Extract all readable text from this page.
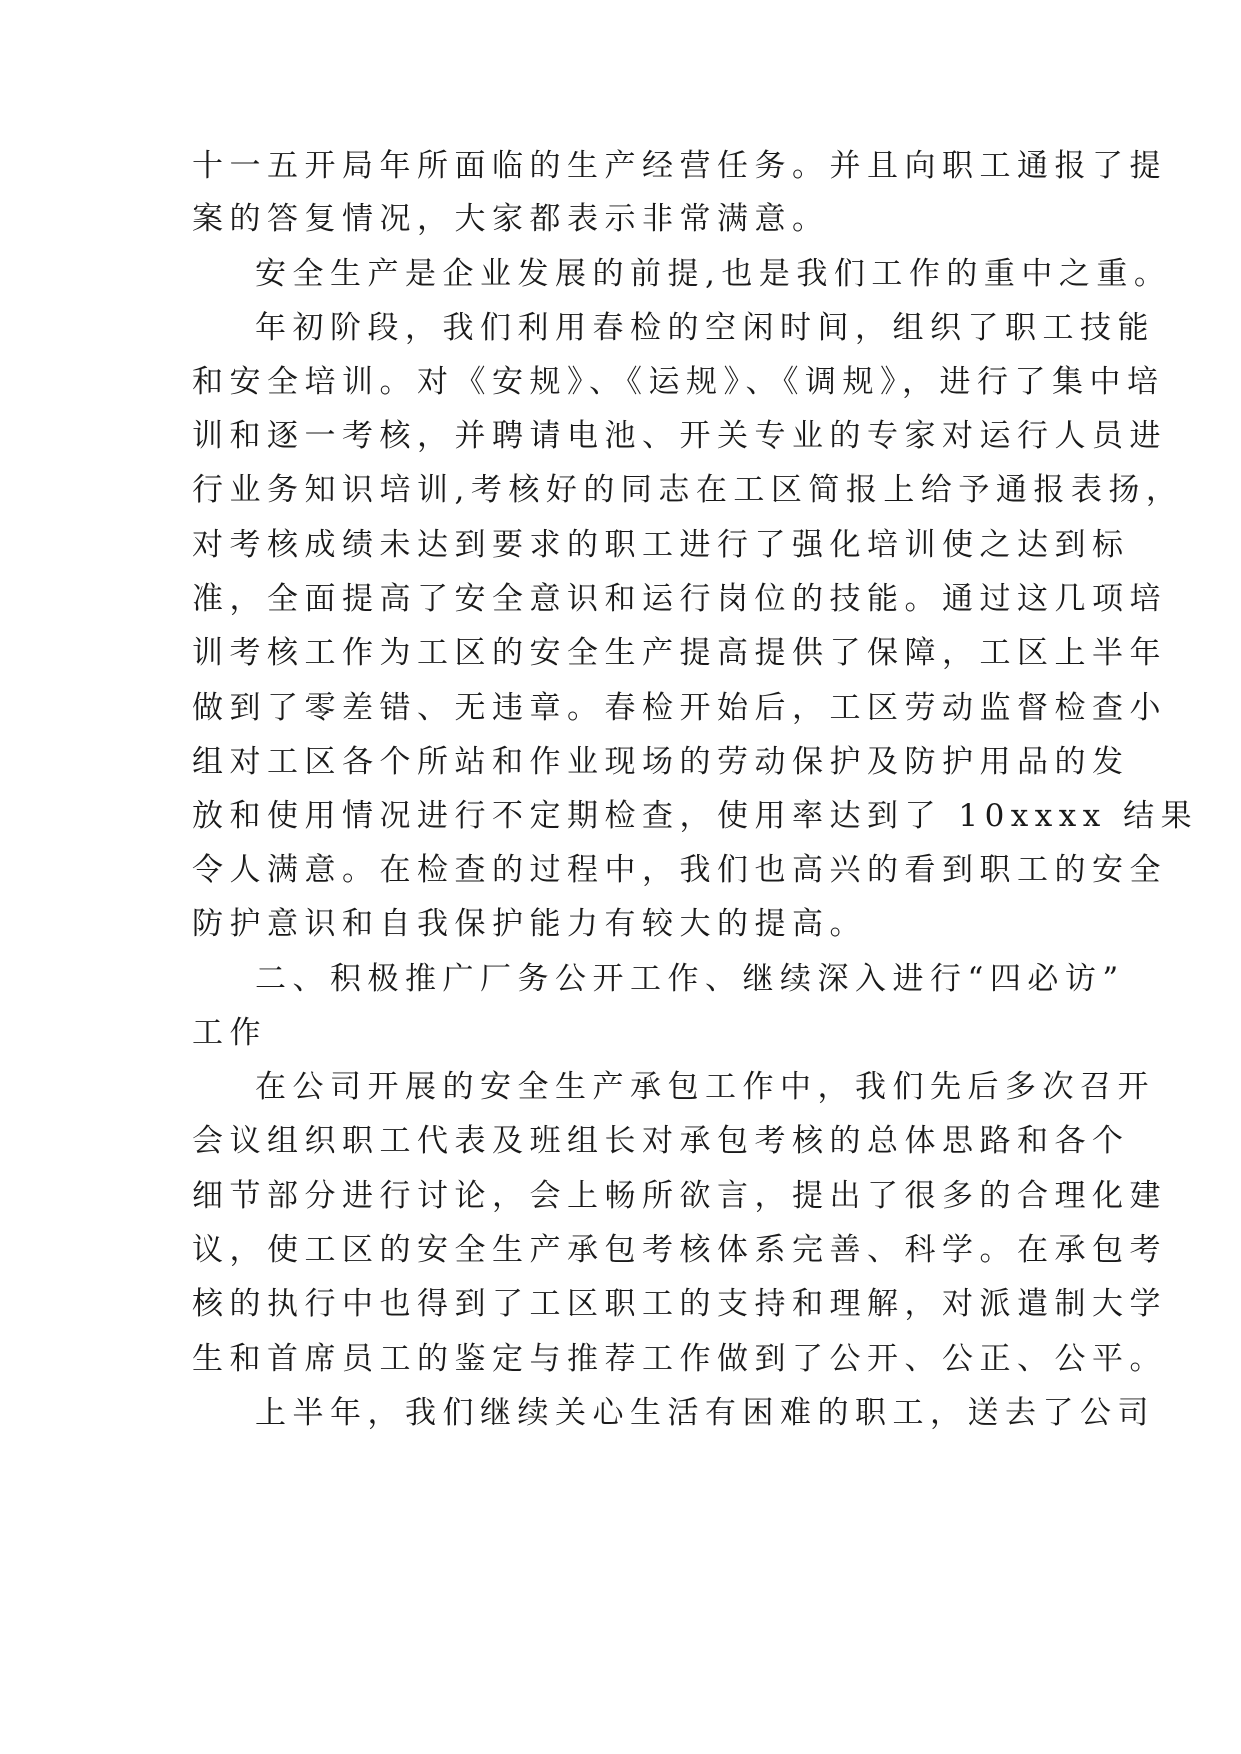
十一五开局年所面临的生产经营任务。并且向职工通报了提
案的答复情况，大家都表示非常满意。
安全生产是企业发展的前提,也是我们工作的重中之重。
年初阶段，我们利用春检的空闲时间，组织了职工技能
和安全培训。对《安规》、《运规》、《调规》，进行了集中培
训和逐一考核，并聘请电池、开关专业的专家对运行人员进
行业务知识培训,考核好的同志在工区简报上给予通报表扬，
对考核成绩未达到要求的职工进行了强化培训使之达到标
准，全面提高了安全意识和运行岗位的技能。通过这几项培
训考核工作为工区的安全生产提高提供了保障，工区上半年
做到了零差错、无违章。春检开始后，工区劳动监督检查小
组对工区各个所站和作业现场的劳动保护及防护用品的发
放和使用情况进行不定期检查，使用率达到了 10xxxx 结果
令人满意。在检查的过程中，我们也高兴的看到职工的安全
防护意识和自我保护能力有较大的提高。
二、积极推广厂务公开工作、继续深入进行“四必访”
工作
在公司开展的安全生产承包工作中，我们先后多次召开
会议组织职工代表及班组长对承包考核的总体思路和各个
细节部分进行讨论，会上畅所欲言，提出了很多的合理化建
议，使工区的安全生产承包考核体系完善、科学。在承包考
核的执行中也得到了工区职工的支持和理解，对派遣制大学
生和首席员工的鉴定与推荐工作做到了公开、公正、公平。
上半年，我们继续关心生活有困难的职工，送去了公司
